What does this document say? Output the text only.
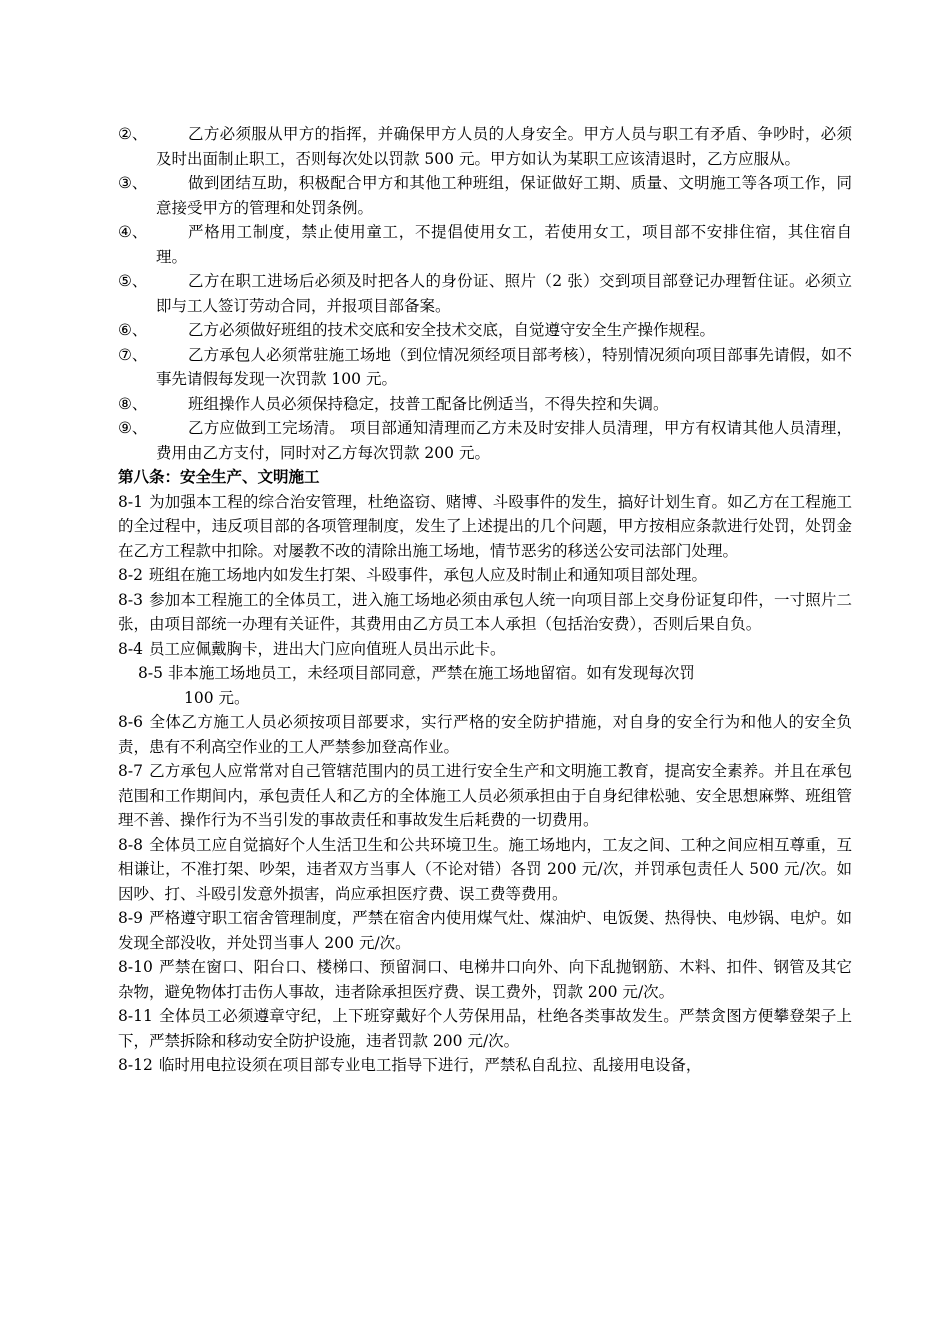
②、	乙方必须服从甲方的指挥，并确保甲方人员的人身安全。甲方人员与职工有矛盾、争吵时，必须及时出面制止职工，否则每次处以罚款 500 元。甲方如认为某职工应该清退时，乙方应服从。

③、	做到团结互助，积极配合甲方和其他工种班组，保证做好工期、质量、文明施工等各项工作，同意接受甲方的管理和处罚条例。

④、	严格用工制度，禁止使用童工，不提倡使用女工，若使用女工，项目部不安排住宿，其住宿自理。

⑤、	乙方在职工进场后必须及时把各人的身份证、照片（2 张）交到项目部登记办理暂住证。必须立即与工人签订劳动合同，并报项目部备案。

⑥、	乙方必须做好班组的技术交底和安全技术交底，自觉遵守安全生产操作规程。

⑦、	乙方承包人必须常驻施工场地（到位情况须经项目部考核），特别情况须向项目部事先请假，如不事先请假每发现一次罚款 100 元。

⑧、	班组操作人员必须保持稳定，技普工配备比例适当，不得失控和失调。

⑨、	乙方应做到工完场清。 项目部通知清理而乙方未及时安排人员清理，甲方有权请其他人员清理，费用由乙方支付，同时对乙方每次罚款 200 元。

第八条：安全生产、文明施工

8-1 为加强本工程的综合治安管理，杜绝盗窃、赌博、斗殴事件的发生，搞好计划生育。如乙方在工程施工的全过程中，违反项目部的各项管理制度，发生了上述提出的几个问题，甲方按相应条款进行处罚，处罚金在乙方工程款中扣除。对屡教不改的清除出施工场地，情节恶劣的移送公安司法部门处理。

8-2 班组在施工场地内如发生打架、斗殴事件，承包人应及时制止和通知项目部处理。

8-3 参加本工程施工的全体员工，进入施工场地必须由承包人统一向项目部上交身份证复印件，一寸照片二张，由项目部统一办理有关证件，其费用由乙方员工本人承担（包括治安费），否则后果自负。

8-4 员工应佩戴胸卡，进出大门应向值班人员出示此卡。

8-5 非本施工场地员工，未经项目部同意，严禁在施工场地留宿。如有发现每次罚
100 元。

8-6 全体乙方施工人员必须按项目部要求，实行严格的安全防护措施，对自身的安全行为和他人的安全负责，患有不利高空作业的工人严禁参加登高作业。

8-7 乙方承包人应常常对自己管辖范围内的员工进行安全生产和文明施工教育，提高安全素养。并且在承包范围和工作期间内，承包责任人和乙方的全体施工人员必须承担由于自身纪律松驰、安全思想麻弊、班组管理不善、操作行为不当引发的事故责任和事故发生后耗费的一切费用。

8-8 全体员工应自觉搞好个人生活卫生和公共环境卫生。施工场地内，工友之间、工种之间应相互尊重，互相谦让，不准打架、吵架，违者双方当事人（不论对错）各罚 200 元/次，并罚承包责任人 500 元/次。如因吵、打、斗殴引发意外损害，尚应承担医疗费、误工费等费用。

8-9 严格遵守职工宿舍管理制度，严禁在宿舍内使用煤气灶、煤油炉、电饭煲、热得快、电炒锅、电炉。如发现全部没收，并处罚当事人 200 元/次。

8-10 严禁在窗口、阳台口、楼梯口、预留洞口、电梯井口向外、向下乱抛钢筋、木料、扣件、钢管及其它杂物，避免物体打击伤人事故，违者除承担医疗费、误工费外，罚款 200 元/次。

8-11 全体员工必须遵章守纪，上下班穿戴好个人劳保用品，杜绝各类事故发生。严禁贪图方便攀登架子上下，严禁拆除和移动安全防护设施，违者罚款 200 元/次。

8-12 临时用电拉设须在项目部专业电工指导下进行，严禁私自乱拉、乱接用电设备，
